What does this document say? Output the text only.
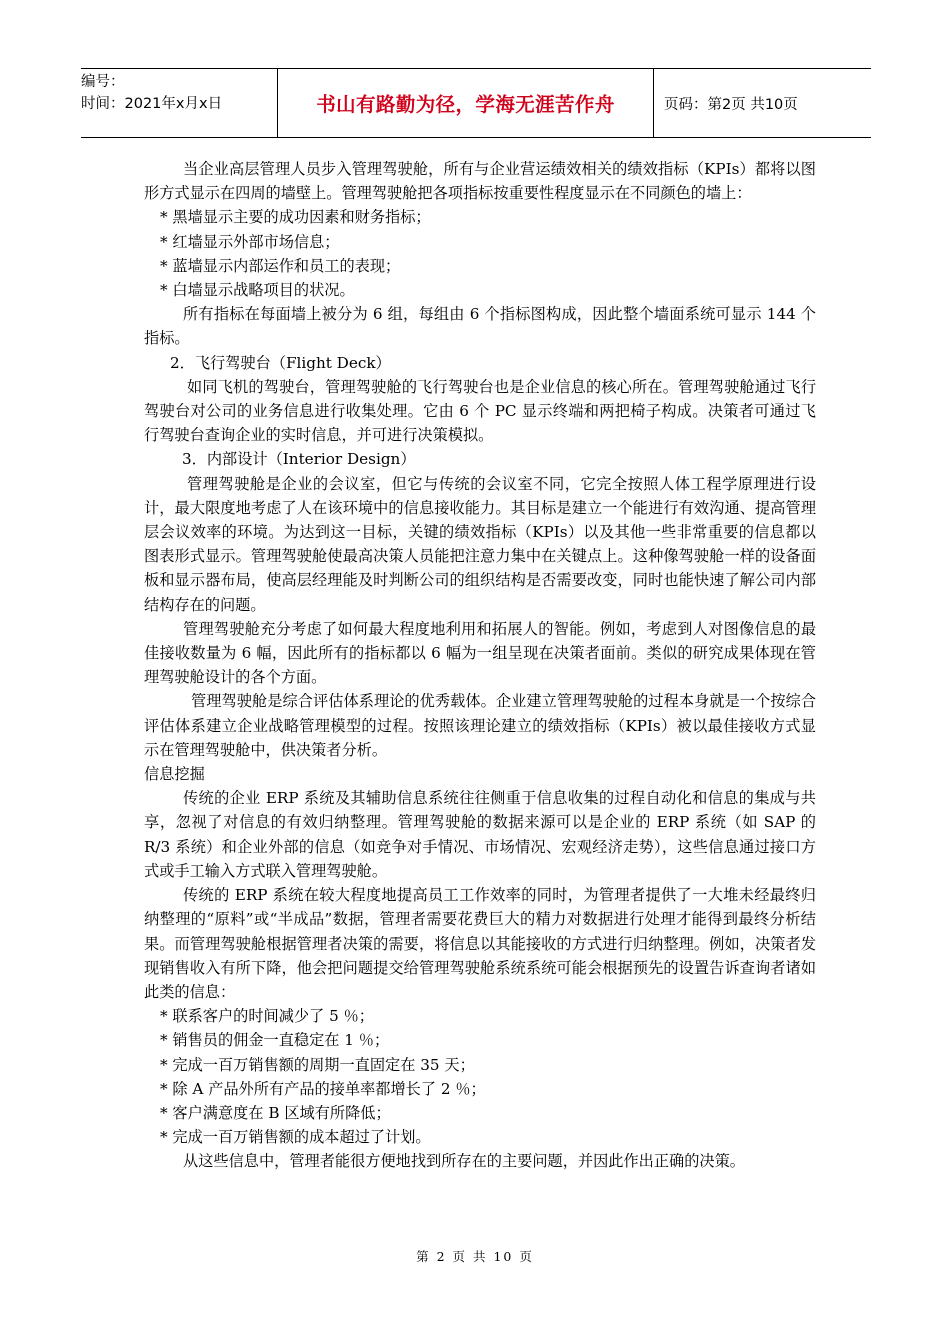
编号：
时间：2021年x月x日	书山有路勤为径，学海无涯苦作舟	页码：第2页 共10页

当企业高层管理人员步入管理驾驶舱，所有与企业营运绩效相关的绩效指标（KPIs）都将以图形方式显示在四周的墙壁上。管理驾驶舱把各项指标按重要性程度显示在不同颜色的墙上：

* 黑墙显示主要的成功因素和财务指标；

* 红墙显示外部市场信息；

* 蓝墙显示内部运作和员工的表现；

* 白墙显示战略项目的状况。

所有指标在每面墙上被分为 6 组，每组由 6 个指标图构成，因此整个墙面系统可显示 144 个指标。

2．飞行驾驶台（Flight Deck）

如同飞机的驾驶台，管理驾驶舱的飞行驾驶台也是企业信息的核心所在。管理驾驶舱通过飞行驾驶台对公司的业务信息进行收集处理。它由 6 个 PC 显示终端和两把椅子构成。决策者可通过飞行驾驶台查询企业的实时信息，并可进行决策模拟。

3．内部设计（Interior Design）

管理驾驶舱是企业的会议室，但它与传统的会议室不同，它完全按照人体工程学原理进行设计，最大限度地考虑了人在该环境中的信息接收能力。其目标是建立一个能进行有效沟通、提高管理层会议效率的环境。为达到这一目标，关键的绩效指标（KPIs）以及其他一些非常重要的信息都以图表形式显示。管理驾驶舱使最高决策人员能把注意力集中在关键点上。这种像驾驶舱一样的设备面板和显示器布局，使高层经理能及时判断公司的组织结构是否需要改变，同时也能快速了解公司内部结构存在的问题。

管理驾驶舱充分考虑了如何最大程度地利用和拓展人的智能。例如，考虑到人对图像信息的最佳接收数量为 6 幅，因此所有的指标都以 6 幅为一组呈现在决策者面前。类似的研究成果体现在管理驾驶舱设计的各个方面。

管理驾驶舱是综合评估体系理论的优秀载体。企业建立管理驾驶舱的过程本身就是一个按综合评估体系建立企业战略管理模型的过程。按照该理论建立的绩效指标（KPIs）被以最佳接收方式显示在管理驾驶舱中，供决策者分析。

信息挖掘

传统的企业 ERP 系统及其辅助信息系统往往侧重于信息收集的过程自动化和信息的集成与共享，忽视了对信息的有效归纳整理。管理驾驶舱的数据来源可以是企业的 ERP 系统（如 SAP 的 R/3 系统）和企业外部的信息（如竞争对手情况、市场情况、宏观经济走势），这些信息通过接口方式或手工输入方式联入管理驾驶舱。

传统的 ERP 系统在较大程度地提高员工工作效率的同时，为管理者提供了一大堆未经最终归纳整理的“原料”或“半成品”数据，管理者需要花费巨大的精力对数据进行处理才能得到最终分析结果。而管理驾驶舱根据管理者决策的需要，将信息以其能接收的方式进行归纳整理。例如，决策者发现销售收入有所下降，他会把问题提交给管理驾驶舱系统系统可能会根据预先的设置告诉查询者诸如此类的信息：

* 联系客户的时间减少了 5 ％；

* 销售员的佣金一直稳定在 1 ％；

* 完成一百万销售额的周期一直固定在 35 天；

* 除 A 产品外所有产品的接单率都增长了 2 ％；

* 客户满意度在 B 区域有所降低；

* 完成一百万销售额的成本超过了计划。

从这些信息中，管理者能很方便地找到所存在的主要问题，并因此作出正确的决策。

第 2 页 共 10 页
